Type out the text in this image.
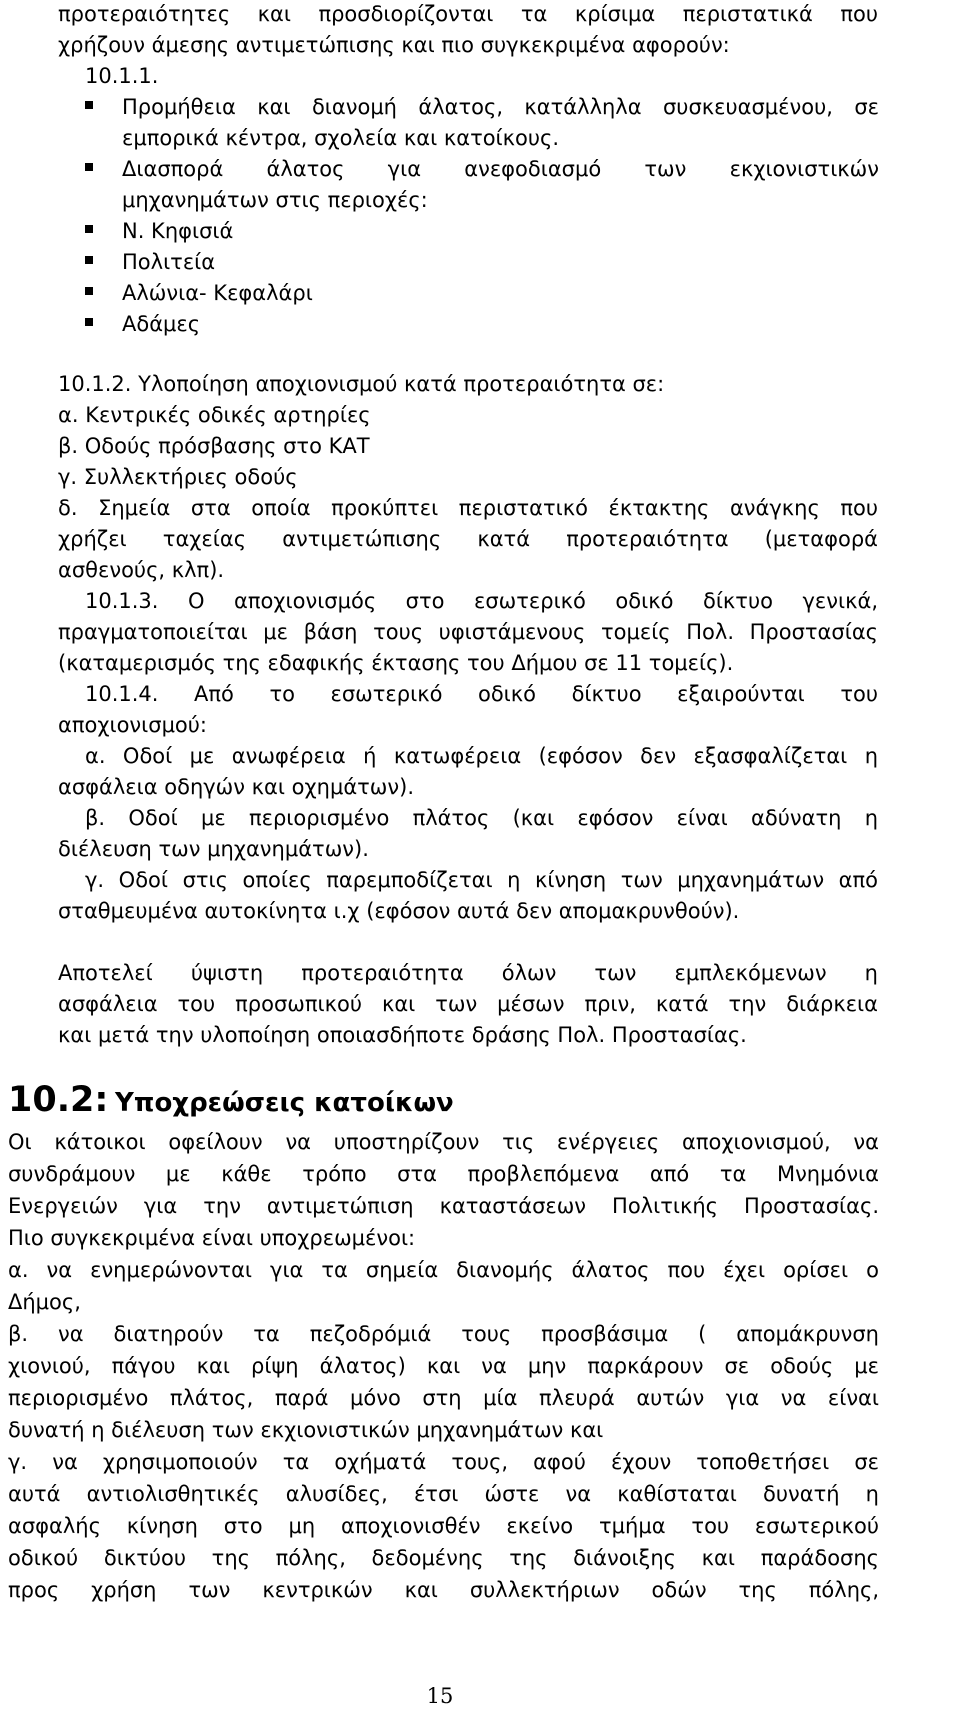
προτεραιότητες και προσδιορίζονται τα κρίσιμα περιστατικά που
χρήζουν άμεσης αντιμετώπισης και πιο συγκεκριμένα αφορούν:
10.1.1.
Προμήθεια και διανομή άλατος, κατάλληλα συσκευασμένου, σε
εμπορικά κέντρα, σχολεία και κατοίκους.
Διασπορά άλατος για ανεφοδιασμό των εκχιονιστικών
μηχανημάτων στις περιοχές:
Ν. Κηφισιά
Πολιτεία
Αλώνια- Κεφαλάρι
Αδάμες
10.1.2. Υλοποίηση αποχιονισμού κατά προτεραιότητα σε:
α. Κεντρικές οδικές αρτηρίες
β. Οδούς πρόσβασης στο ΚΑΤ
γ. Συλλεκτήριες οδούς
δ. Σημεία στα οποία προκύπτει περιστατικό έκτακτης ανάγκης που
χρήζει ταχείας αντιμετώπισης κατά προτεραιότητα (μεταφορά
ασθενούς, κλπ).
10.1.3. Ο αποχιονισμός στο εσωτερικό οδικό δίκτυο γενικά,
πραγματοποιείται με βάση τους υφιστάμενους τομείς Πολ. Προστασίας
(καταμερισμός της εδαφικής έκτασης του Δήμου σε 11 τομείς).
10.1.4. Από το εσωτερικό οδικό δίκτυο εξαιρούνται του
αποχιονισμού:
α. Οδοί με ανωφέρεια ή κατωφέρεια (εφόσον δεν εξασφαλίζεται η
ασφάλεια οδηγών και οχημάτων).
β. Οδοί με περιορισμένο πλάτος (και εφόσον είναι αδύνατη η
διέλευση των μηχανημάτων).
γ. Οδοί στις οποίες παρεμποδίζεται η κίνηση των μηχανημάτων από
σταθμευμένα αυτοκίνητα ι.χ (εφόσον αυτά δεν απομακρυνθούν).
Αποτελεί ύψιστη προτεραιότητα όλων των εμπλεκόμενων η
ασφάλεια του προσωπικού και των μέσων πριν, κατά την διάρκεια
και μετά την υλοποίηση οποιασδήποτε δράσης Πολ. Προστασίας.
10.2: Υποχρεώσεις κατοίκων
Οι κάτοικοι οφείλουν να υποστηρίζουν τις ενέργειες αποχιονισμού, να
συνδράμουν με κάθε τρόπο στα προβλεπόμενα από τα Μνημόνια
Ενεργειών για την αντιμετώπιση καταστάσεων Πολιτικής Προστασίας.
Πιο συγκεκριμένα είναι υποχρεωμένοι:
α. να ενημερώνονται για τα σημεία διανομής άλατος που έχει ορίσει ο
Δήμος,
β. να διατηρούν τα πεζοδρόμιά τους προσβάσιμα ( απομάκρυνση
χιονιού, πάγου και ρίψη άλατος) και να μην παρκάρουν σε οδούς με
περιορισμένο πλάτος, παρά μόνο στη μία πλευρά αυτών για να είναι
δυνατή η διέλευση των εκχιονιστικών μηχανημάτων και
γ. να χρησιμοποιούν τα οχήματά τους, αφού έχουν τοποθετήσει σε
αυτά αντιολισθητικές αλυσίδες, έτσι ώστε να καθίσταται δυνατή η
ασφαλής κίνηση στο μη αποχιονισθέν εκείνο τμήμα του εσωτερικού
οδικού δικτύου της πόλης, δεδομένης της διάνοιξης και παράδοσης
προς χρήση των κεντρικών και συλλεκτήριων οδών της πόλης,
15
